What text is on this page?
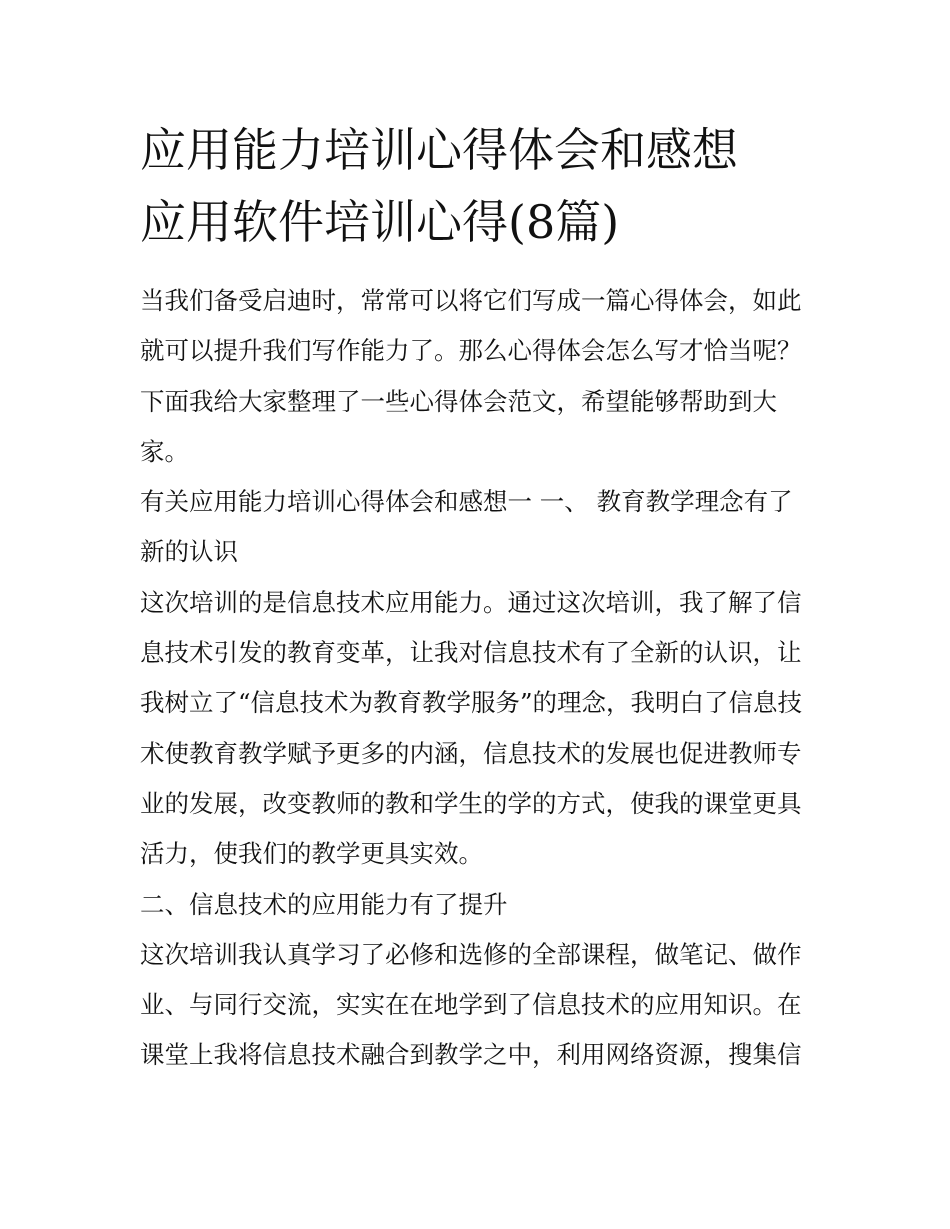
应用能力培训心得体会和感想
应用软件培训心得(8篇)
当我们备受启迪时，常常可以将它们写成一篇心得体会，如此
就可以提升我们写作能力了。那么心得体会怎么写才恰当呢？
下面我给大家整理了一些心得体会范文，希望能够帮助到大
家。
有关应用能力培训心得体会和感想一 一、 教育教学理念有了
新的认识
这次培训的是信息技术应用能力。通过这次培训，我了解了信
息技术引发的教育变革，让我对信息技术有了全新的认识，让
我树立了“信息技术为教育教学服务”的理念，我明白了信息技
术使教育教学赋予更多的内涵，信息技术的发展也促进教师专
业的发展，改变教师的教和学生的学的方式，使我的课堂更具
活力，使我们的教学更具实效。
二、信息技术的应用能力有了提升
这次培训我认真学习了必修和选修的全部课程，做笔记、做作
业、与同行交流，实实在在地学到了信息技术的应用知识。在
课堂上我将信息技术融合到教学之中，利用网络资源，搜集信
